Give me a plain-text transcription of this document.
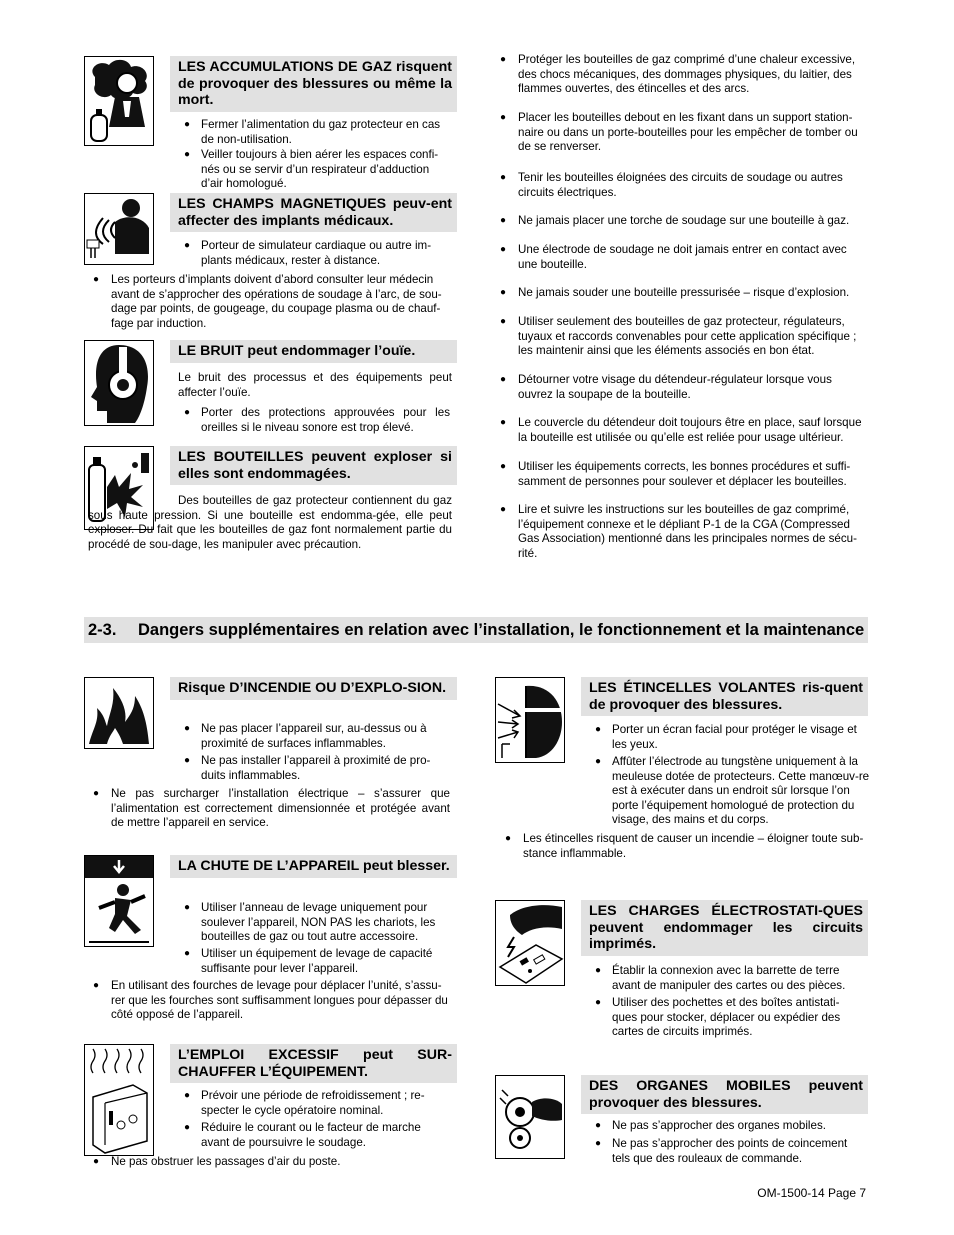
LES ACCUMULATIONS DE GAZ risquent de provoquer des blessures ou même la mort.
● Fermer l’alimentation du gaz protecteur en cas de non-utilisation.
● Veiller toujours à bien aérer les espaces confi-nés ou se servir d’un respirateur d’adduction d’air homologué.
LES CHAMPS MAGNETIQUES peuv-ent affecter des implants médicaux.
● Porteur de simulateur cardiaque ou autre im-plants médicaux, rester à distance.
●	Les porteurs d’implants doivent d’abord consulter leur médecin avant de s’approcher des opérations de soudage à l’arc, de sou-dage par points, de gougeage, du coupage plasma ou de chauf-fage par induction.
LE BRUIT peut endommager l’ouïe.
Le bruit des processus et des équipements peut affecter l’ouïe.
● Porter des protections approuvées pour les oreilles si le niveau sonore est trop élevé.
LES BOUTEILLES peuvent exploser si elles sont endommagées.
Des bouteilles de gaz protecteur contiennent du gaz sous haute pression. Si une bouteille est endomma-gée, elle peut exploser. Du fait que les bouteilles de gaz font normalement partie du procédé de sou-dage, les manipuler avec précaution.
●	Protéger les bouteilles de gaz comprimé d’une chaleur excessive, des chocs mécaniques, des dommages physiques, du laitier, des flammes ouvertes, des étincelles et des arcs.
●	Placer les bouteilles debout en les fixant dans un support station-naire ou dans un porte-bouteilles pour les empêcher de tomber ou de se renverser.
●	Tenir les bouteilles éloignées des circuits de soudage ou autres circuits électriques.
●	Ne jamais placer une torche de soudage sur une bouteille à gaz.
●	Une électrode de soudage ne doit jamais entrer en contact avec une bouteille.
●	Ne jamais souder une bouteille pressurisée – risque d’explosion.
●	Utiliser seulement des bouteilles de gaz protecteur, régulateurs, tuyaux et raccords convenables pour cette application spécifique ; les maintenir ainsi que les éléments associés en bon état.
●	Détourner votre visage du détendeur-régulateur lorsque vous ouvrez la soupape de la bouteille.
●	Le couvercle du détendeur doit toujours être en place, sauf lorsque la bouteille est utilisée ou qu’elle est reliée pour usage ultérieur.
●	Utiliser les équipements corrects, les bonnes procédures et suffi-samment de personnes pour soulever et déplacer les bouteilles.
●	Lire et suivre les instructions sur les bouteilles de gaz comprimé, l’équipement connexe et le dépliant P-1 de la CGA (Compressed Gas Association) mentionné dans les principales normes de sécu-rité.
2-3. Dangers supplémentaires en relation avec l’installation, le fonctionnement et la maintenance
Risque D’INCENDIE OU D’EXPLO-SION.
● Ne pas placer l’appareil sur, au-dessus ou à proximité de surfaces inflammables.
● Ne pas installer l’appareil à proximité de pro-duits inflammables.
●	Ne pas surcharger l’installation électrique – s’assurer que l’alimentation est correctement dimensionnée et protégée avant de mettre l’appareil en service.
LA CHUTE DE L’APPAREIL peut blesser.
● Utiliser l’anneau de levage uniquement pour soulever l’appareil, NON PAS les chariots, les bouteilles de gaz ou tout autre accessoire.
● Utiliser un équipement de levage de capacité suffisante pour lever l’appareil.
●	En utilisant des fourches de levage pour déplacer l’unité, s’assu-rer que les fourches sont suffisamment longues pour dépasser du côté opposé de l’appareil.
L’EMPLOI EXCESSIF peut SUR-CHAUFFER L’ÉQUIPEMENT.
● Prévoir une période de refroidissement ; re-specter le cycle opératoire nominal.
● Réduire le courant ou le facteur de marche avant de poursuivre le soudage.
●	Ne pas obstruer les passages d’air du poste.
LES ÉTINCELLES VOLANTES ris-quent de provoquer des blessures.
● Porter un écran facial pour protéger le visage et les yeux.
● Affûter l’électrode au tungstène uniquement à la meuleuse dotée de protecteurs. Cette manœuv-re est à exécuter dans un endroit sûr lorsque l’on porte l’équipement homologué de protection du visage, des mains et du corps.
●	Les étincelles risquent de causer un incendie – éloigner toute sub-stance inflammable.
LES CHARGES ÉLECTROSTATI-QUES peuvent endommager les circuits imprimés.
● Établir la connexion avec la barrette de terre avant de manipuler des cartes ou des pièces.
● Utiliser des pochettes et des boîtes antistati-ques pour stocker, déplacer ou expédier des cartes de circuits imprimés.
DES ORGANES MOBILES peuvent provoquer des blessures.
● Ne pas s’approcher des organes mobiles.
● Ne pas s’approcher des points de coincement tels que des rouleaux de commande.
OM-1500-14 Page 7
